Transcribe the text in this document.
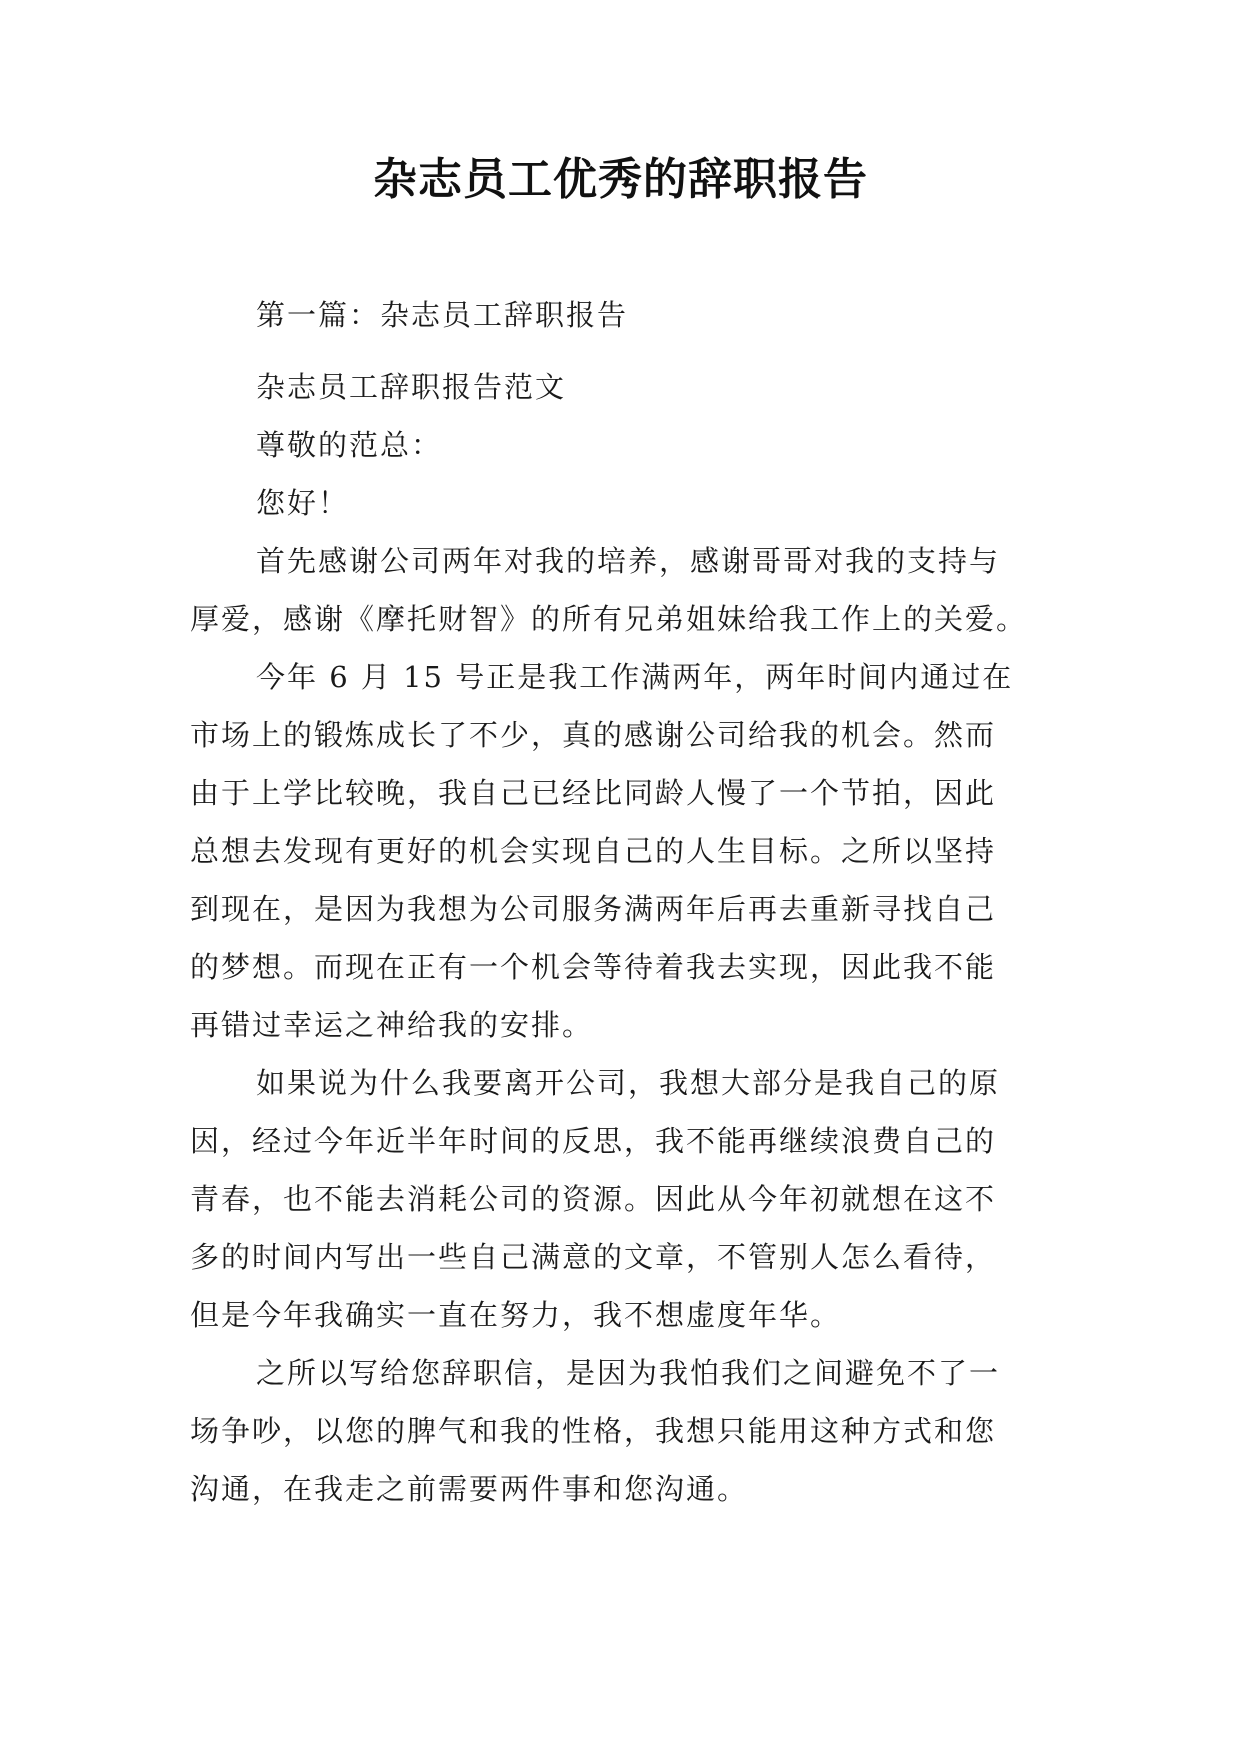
杂志员工优秀的辞职报告
第一篇：杂志员工辞职报告
杂志员工辞职报告范文
尊敬的范总：
您好！
首先感谢公司两年对我的培养，感谢哥哥对我的支持与
厚爱，感谢《摩托财智》的所有兄弟姐妹给我工作上的关爱。
今年 6 月 15 号正是我工作满两年，两年时间内通过在
市场上的锻炼成长了不少，真的感谢公司给我的机会。然而
由于上学比较晚，我自己已经比同龄人慢了一个节拍，因此
总想去发现有更好的机会实现自己的人生目标。之所以坚持
到现在，是因为我想为公司服务满两年后再去重新寻找自己
的梦想。而现在正有一个机会等待着我去实现，因此我不能
再错过幸运之神给我的安排。
如果说为什么我要离开公司，我想大部分是我自己的原
因，经过今年近半年时间的反思，我不能再继续浪费自己的
青春，也不能去消耗公司的资源。因此从今年初就想在这不
多的时间内写出一些自己满意的文章，不管别人怎么看待，
但是今年我确实一直在努力，我不想虚度年华。
之所以写给您辞职信，是因为我怕我们之间避免不了一
场争吵，以您的脾气和我的性格，我想只能用这种方式和您
沟通，在我走之前需要两件事和您沟通。
